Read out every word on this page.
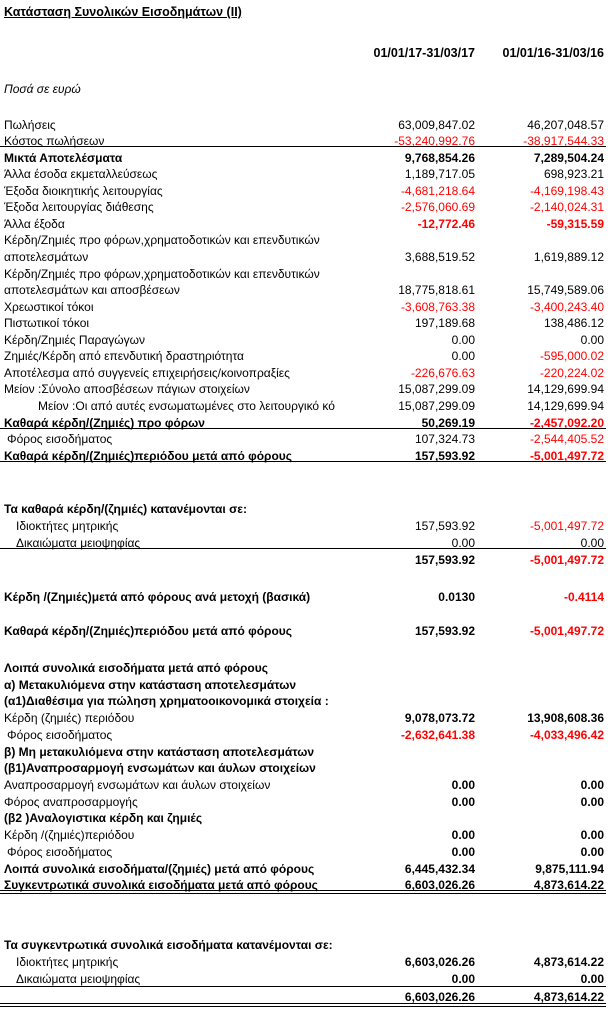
Κατάσταση Συνολικών Εισοδημάτων (ΙΙ)
01/01/17-31/03/17 01/01/16-31/03/16
Ποσά σε ευρώ
Πωλήσεις	63,009,847.02	46,207,048.57
Κόστος πωλήσεων	-53,240,992.76	-38,917,544.33
Μικτά Αποτελέσματα	9,768,854.26	7,289,504.24
Άλλα έσοδα εκμεταλλεύσεως	1,189,717.05	698,923.21
Έξοδα διοικητικής λειτουργίας	-4,681,218.64	-4,169,198.43
Έξοδα λειτουργίας διάθεσης	-2,576,060.69	-2,140,024.31
Άλλα έξοδα	-12,772.46	-59,315.59
Κέρδη/Ζημιές προ φόρων,χρηματοδοτικών και επενδυτικών
αποτελεσμάτων	3,688,519.52	1,619,889.12
Κέρδη/Ζημιές προ φόρων,χρηματοδοτικών και επενδυτικών
αποτελεσμάτων και αποσβέσεων	18,775,818.61	15,749,589.06
Χρεωστικοί τόκοι	-3,608,763.38	-3,400,243.40
Πιστωτικοί τόκοι	197,189.68	138,486.12
Κέρδη/Ζημιές Παραγώγων	0.00	0.00
Ζημιές/Κέρδη από επενδυτική δραστηριότητα	0.00	-595,000.02
Αποτέλεσμα από συγγενείς επιχειρήσεις/κοινοπραξίες	-226,676.63	-220,224.02
Μείον :Σύνολο αποσβέσεων πάγιων στοιχείων	15,087,299.09	14,129,699.94
Μείον :Οι από αυτές ενσωματωμένες στο λειτουργικό κό	15,087,299.09	14,129,699.94
Καθαρά κέρδη/(Ζημιές) προ φόρων	50,269.19	-2,457,092.20
Φόρος εισοδήματος	107,324.73	-2,544,405.52
Καθαρά κέρδη/(Ζημιές)περιόδου μετά από φόρους	157,593.92	-5,001,497.72
Τα καθαρά κέρδη/(ζημιές) κατανέμονται σε:
Ιδιοκτήτες μητρικής	157,593.92	-5,001,497.72
Δικαιώματα μειοψηφίας	0.00	0.00
157,593.92	-5,001,497.72
Κέρδη /(Ζημιές)μετά από φόρους ανά μετοχή (βασικά)	0.0130	-0.4114
Καθαρά κέρδη/(Ζημιές)περιόδου μετά από φόρους	157,593.92	-5,001,497.72
Λοιπά συνολικά εισοδήματα μετά από φόρους
α) Μετακυλιόμενα στην κατάσταση αποτελεσμάτων
(α1)Διαθέσιμα για πώληση χρηματοοικονομικά στοιχεία :
Κέρδη (ζημιές) περιόδου	9,078,073.72	13,908,608.36
Φόρος εισοδήματος	-2,632,641.38	-4,033,496.42
β) Μη μετακυλιόμενα στην κατάσταση αποτελεσμάτων
(β1)Αναπροσαρμογή ενσωμάτων και άυλων στοιχείων
Αναπροσαρμογή ενσωμάτων και άυλων στοιχείων	0.00	0.00
Φόρος αναπροσαρμογής	0.00	0.00
(β2 )Αναλογιστικα κέρδη και ζημιές
Κέρδη /(ζημιές)περιόδου	0.00	0.00
Φόρος εισοδήματος	0.00	0.00
Λοιπά συνολικά εισοδήματα/(ζημιές) μετά από φόρους	6,445,432.34	9,875,111.94
Συγκεντρωτικά συνολικά εισοδήματα μετά από φόρους	6,603,026.26	4,873,614.22
Τα συγκεντρωτικά συνολικά εισοδήματα κατανέμονται σε:
Ιδιοκτήτες μητρικής	6,603,026.26	4,873,614.22
Δικαιώματα μειοψηφίας	0.00	0.00
6,603,026.26	4,873,614.22
